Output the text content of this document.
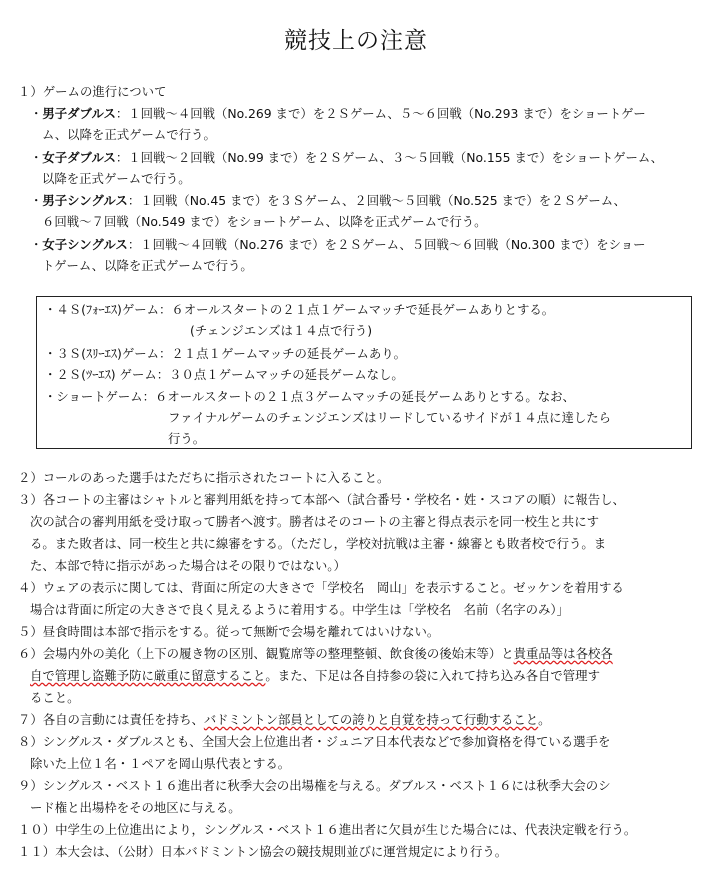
競技上の注意
１）ゲームの進行について
・男子ダブルス：１回戦～４回戦（No.269 まで）を２Ｓゲーム、５～６回戦（No.293 まで）をショートゲー
ム、以降を正式ゲームで行う。
・女子ダブルス：１回戦～２回戦（No.99 まで）を２Ｓゲーム、３～５回戦（No.155 まで）をショートゲーム、
以降を正式ゲームで行う。
・男子シングルス：１回戦（No.45 まで）を３Ｓゲーム、２回戦～５回戦（No.525 まで）を２Ｓゲーム、
６回戦～７回戦（No.549 まで）をショートゲーム、以降を正式ゲームで行う。
・女子シングルス：１回戦～４回戦（No.276 まで）を２Ｓゲーム、５回戦～６回戦（No.300 まで）をショー
トゲーム、以降を正式ゲームで行う。
・４Ｓ(ﾌｫｰｴｽ)ゲーム：６オールスタートの２１点１ゲームマッチで延長ゲームありとする。
(チェンジエンズは１４点で行う)
・３Ｓ(ｽﾘｰｴｽ)ゲーム：２１点１ゲームマッチの延長ゲームあり。
・２Ｓ(ﾂｰｴｽ) ゲーム：３０点１ゲームマッチの延長ゲームなし。
・ショートゲーム：６オールスタートの２１点３ゲームマッチの延長ゲームありとする。なお、
ファイナルゲームのチェンジエンズはリードしているサイドが１４点に達したら
行う。
２）コールのあった選手はただちに指示されたコートに入ること。
３）各コートの主審はシャトルと審判用紙を持って本部へ（試合番号・学校名・姓・スコアの順）に報告し、
次の試合の審判用紙を受け取って勝者へ渡す。勝者はそのコートの主審と得点表示を同一校生と共にす
る。また敗者は、同一校生と共に線審をする。（ただし，学校対抗戦は主審・線審とも敗者校で行う。ま
た、本部で特に指示があった場合はその限りではない。）
４）ウェアの表示に関しては、背面に所定の大きさで「学校名　岡山」を表示すること。ゼッケンを着用する
場合は背面に所定の大きさで良く見えるように着用する。中学生は「学校名　名前（名字のみ）」
５）昼食時間は本部で指示をする。従って無断で会場を離れてはいけない。
６）会場内外の美化（上下の履き物の区別、観覧席等の整理整頓、飲食後の後始末等）と貴重品等は各校各
自で管理し盗難予防に厳重に留意すること。また、下足は各自持参の袋に入れて持ち込み各自で管理す
ること。
７）各自の言動には責任を持ち、バドミントン部員としての誇りと自覚を持って行動すること。
８）シングルス・ダブルスとも、全国大会上位進出者・ジュニア日本代表などで参加資格を得ている選手を
除いた上位１名・１ペアを岡山県代表とする。
９）シングルス・ベスト１６進出者に秋季大会の出場権を与える。ダブルス・ベスト１６には秋季大会のシ
ード権と出場枠をその地区に与える。
１０）中学生の上位進出により，シングルス・ベスト１６進出者に欠員が生じた場合には、代表決定戦を行う。
１１）本大会は、（公財）日本バドミントン協会の競技規則並びに運営規定により行う。
